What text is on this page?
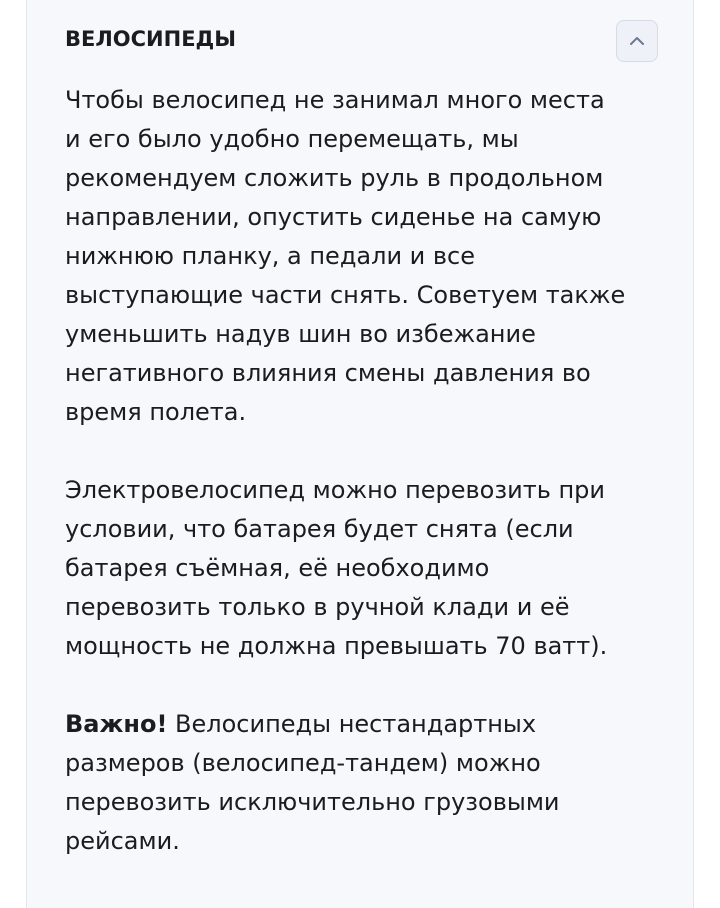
ВЕЛОСИПЕДЫ

Чтобы велосипед не занимал много места
и его было удобно перемещать, мы
рекомендуем сложить руль в продольном
направлении, опустить сиденье на самую
нижнюю планку, а педали и все
выступающие части снять. Советуем также
уменьшить надув шин во избежание
негативного влияния смены давления во
время полета.

Электровелосипед можно перевозить при
условии, что батарея будет снята (если
батарея съёмная, её необходимо
перевозить только в ручной клади и её
мощность не должна превышать 70 ватт).

Важно! Велосипеды нестандартных
размеров (велосипед-тандем) можно
перевозить исключительно грузовыми
рейсами.
